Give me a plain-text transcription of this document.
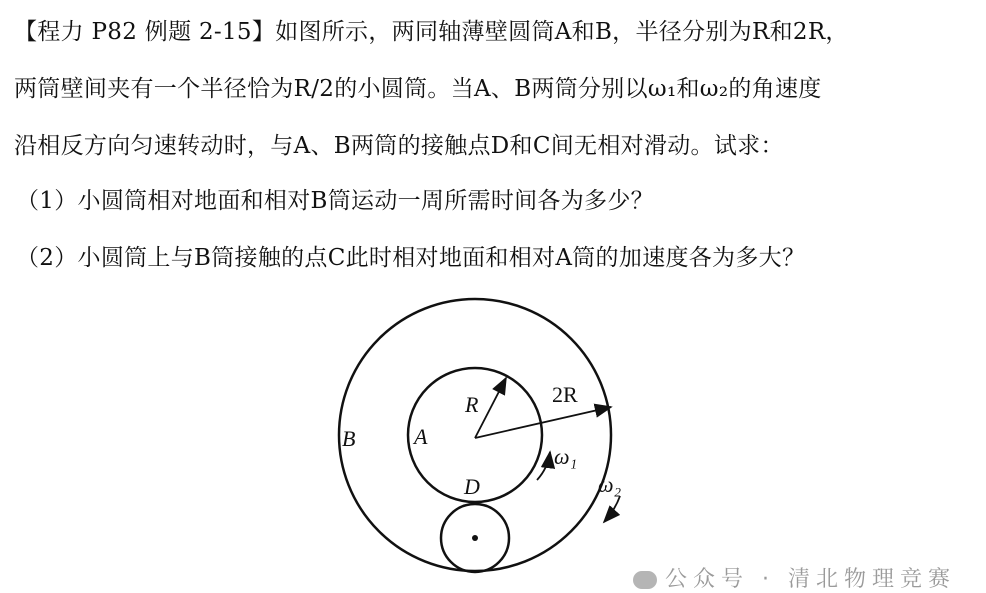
【程力 P82 例题 2-15】如图所示，两同轴薄壁圆筒A和B，半径分别为R和2R，
两筒壁间夹有一个半径恰为R/2的小圆筒。当A、B两筒分别以ω₁和ω₂的角速度
沿相反方向匀速转动时，与A、B两筒的接触点D和C间无相对滑动。试求：
（1）小圆筒相对地面和相对B筒运动一周所需时间各为多少？
（2）小圆筒上与B筒接触的点C此时相对地面和相对A筒的加速度各为多大？
R	2R
A
B
D
ω₁
ω₂
公众号 · 清北物理竞赛
